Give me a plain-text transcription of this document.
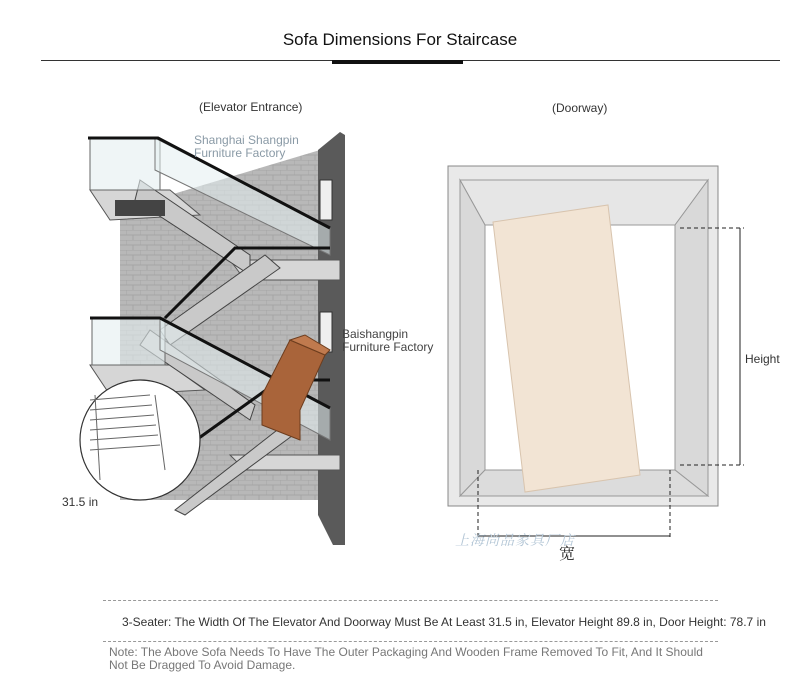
Sofa Dimensions For Staircase
(Elevator Entrance)	(Doorway)
Shanghai Shangpin
Furniture Factory
Baishangpin
Furniture Factory
31.5 in
Height
宽
上海尚品家具厂店
3-Seater: The Width Of The Elevator And Doorway Must Be At Least 31.5 in, Elevator Height 89.8 in, Door Height: 78.7 in
Note: The Above Sofa Needs To Have The Outer Packaging And Wooden Frame Removed To Fit, And It Should Not Be Dragged To Avoid Damage.
